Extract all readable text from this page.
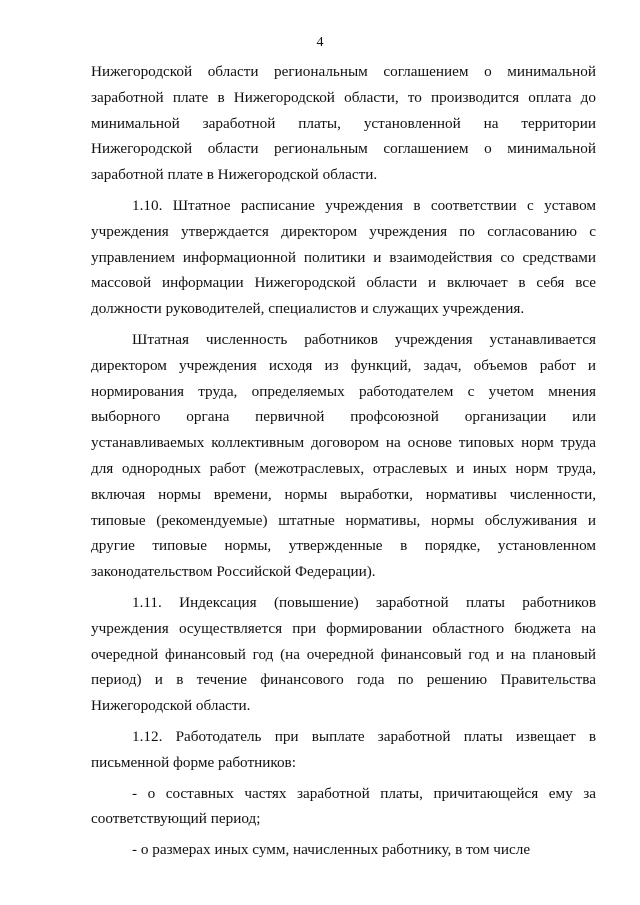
4

Нижегородской области региональным соглашением о минимальной заработной плате в Нижегородской области, то производится оплата до минимальной заработной платы, установленной на территории Нижегородской области региональным соглашением о минимальной заработной плате в Нижегородской области.

1.10. Штатное расписание учреждения в соответствии с уставом учреждения утверждается директором учреждения по согласованию с управлением информационной политики и взаимодействия со средствами массовой информации Нижегородской области и включает в себя все должности руководителей, специалистов и служащих учреждения.

Штатная численность работников учреждения устанавливается директором учреждения исходя из функций, задач, объемов работ и нормирования труда, определяемых работодателем с учетом мнения выборного органа первичной профсоюзной организации или устанавливаемых коллективным договором на основе типовых норм труда для однородных работ (межотраслевых, отраслевых и иных норм труда, включая нормы времени, нормы выработки, нормативы численности, типовые (рекомендуемые) штатные нормативы, нормы обслуживания и другие типовые нормы, утвержденные в порядке, установленном законодательством Российской Федерации).

1.11. Индексация (повышение) заработной платы работников учреждения осуществляется при формировании областного бюджета на очередной финансовый год (на очередной финансовый год и на плановый период) и в течение финансового года по решению Правительства Нижегородской области.

1.12. Работодатель при выплате заработной платы извещает в письменной форме работников:

- о составных частях заработной платы, причитающейся ему за соответствующий период;

- о размерах иных сумм, начисленных работнику, в том числе
